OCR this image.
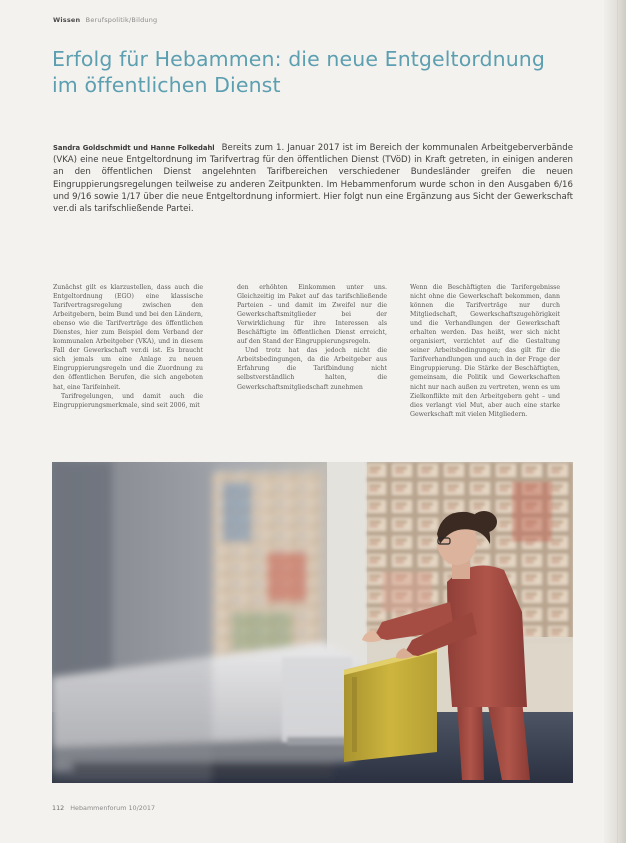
Wissen Berufspolitik/Bildung
Erfolg für Hebammen: die neue Entgeltordnung im öffentlichen Dienst
Sandra Goldschmidt und Hanne Folkedahl Bereits zum 1. Januar 2017 ist im Bereich der kommunalen Arbeitgeberverbände (VKA) eine neue Entgeltordnung im Tarifvertrag für den öffentlichen Dienst (TVöD) in Kraft getreten, in einigen anderen an den öffentlichen Dienst angelehnten Tarifbereichen verschiedener Bundesländer greifen die neuen Eingruppierungsregelungen teilweise zu anderen Zeitpunkten. Im Hebammenforum wurde schon in den Ausgaben 6/16 und 9/16 sowie 1/17 über die neue Entgeltordnung informiert. Hier folgt nun eine Ergänzung aus Sicht der Gewerkschaft ver.di als tarifschließende Partei.

Zunächst gilt es klarzustellen, dass auch die Entgeltordnung (EGO) eine klassische Tarifvertragsregelung zwischen den Arbeitgebern, beim Bund und bei den Ländern, ebenso wie die Tarifverträge des öffentlichen Dienstes, hier zum Beispiel dem Verband der kommunalen Arbeitgeber (VKA), und in diesem Fall der Gewerkschaft ver.di ist. Es braucht sich jemals um eine Anlage zu neuen Eingruppierungsregeln und die Zuordnung zu den öffentlichen Berufen, die sich angeboten hat, eine Tarifeinheit.

Tarifregelungen, und damit auch die Eingruppierungsmerkmale, sind seit 2006, mit

den erhöhten Einkommen unter uns. Gleichzeitig im Paket auf das tarifschließende Parteien – und damit im Zweifel nur die Gewerkschaftsmitglieder bei der Verwirklichung für ihre Interessen als Beschäftigte im öffentlichen Dienst erreicht, auf den Stand der Eingruppierungsregeln.

Und trotz hat das jedoch nicht die Arbeitsbedingungen, da die Arbeitgeber aus Erfahrung die Tarifbindung nicht selbstverständlich halten, die Gewerkschaftsmitgliedschaft zunehmen

Wenn die Beschäftigten die Tarifergebnisse nicht ohne die Gewerkschaft bekommen, dann können die Tarifverträge nur durch Mitgliedschaft, Gewerkschaftszugehörigkeit und die Verhandlungen der Gewerkschaft erhalten werden. Das heißt, wer sich nicht organisiert, verzichtet auf die Gestaltung seiner Arbeitsbedingungen; das gilt für die Tarifverhandlungen und auch in der Frage der Eingruppierung. Die Stärke der Beschäftigten, gemeinsam, die Politik und Gewerkschaften nicht nur nach außen zu vertreten, wenn es um Zielkonflikte mit den Arbeitgebern geht – und dies verlangt viel Mut, aber auch eine starke Gewerkschaft mit vielen Mitgliedern.

112 Hebammenforum 10/2017
